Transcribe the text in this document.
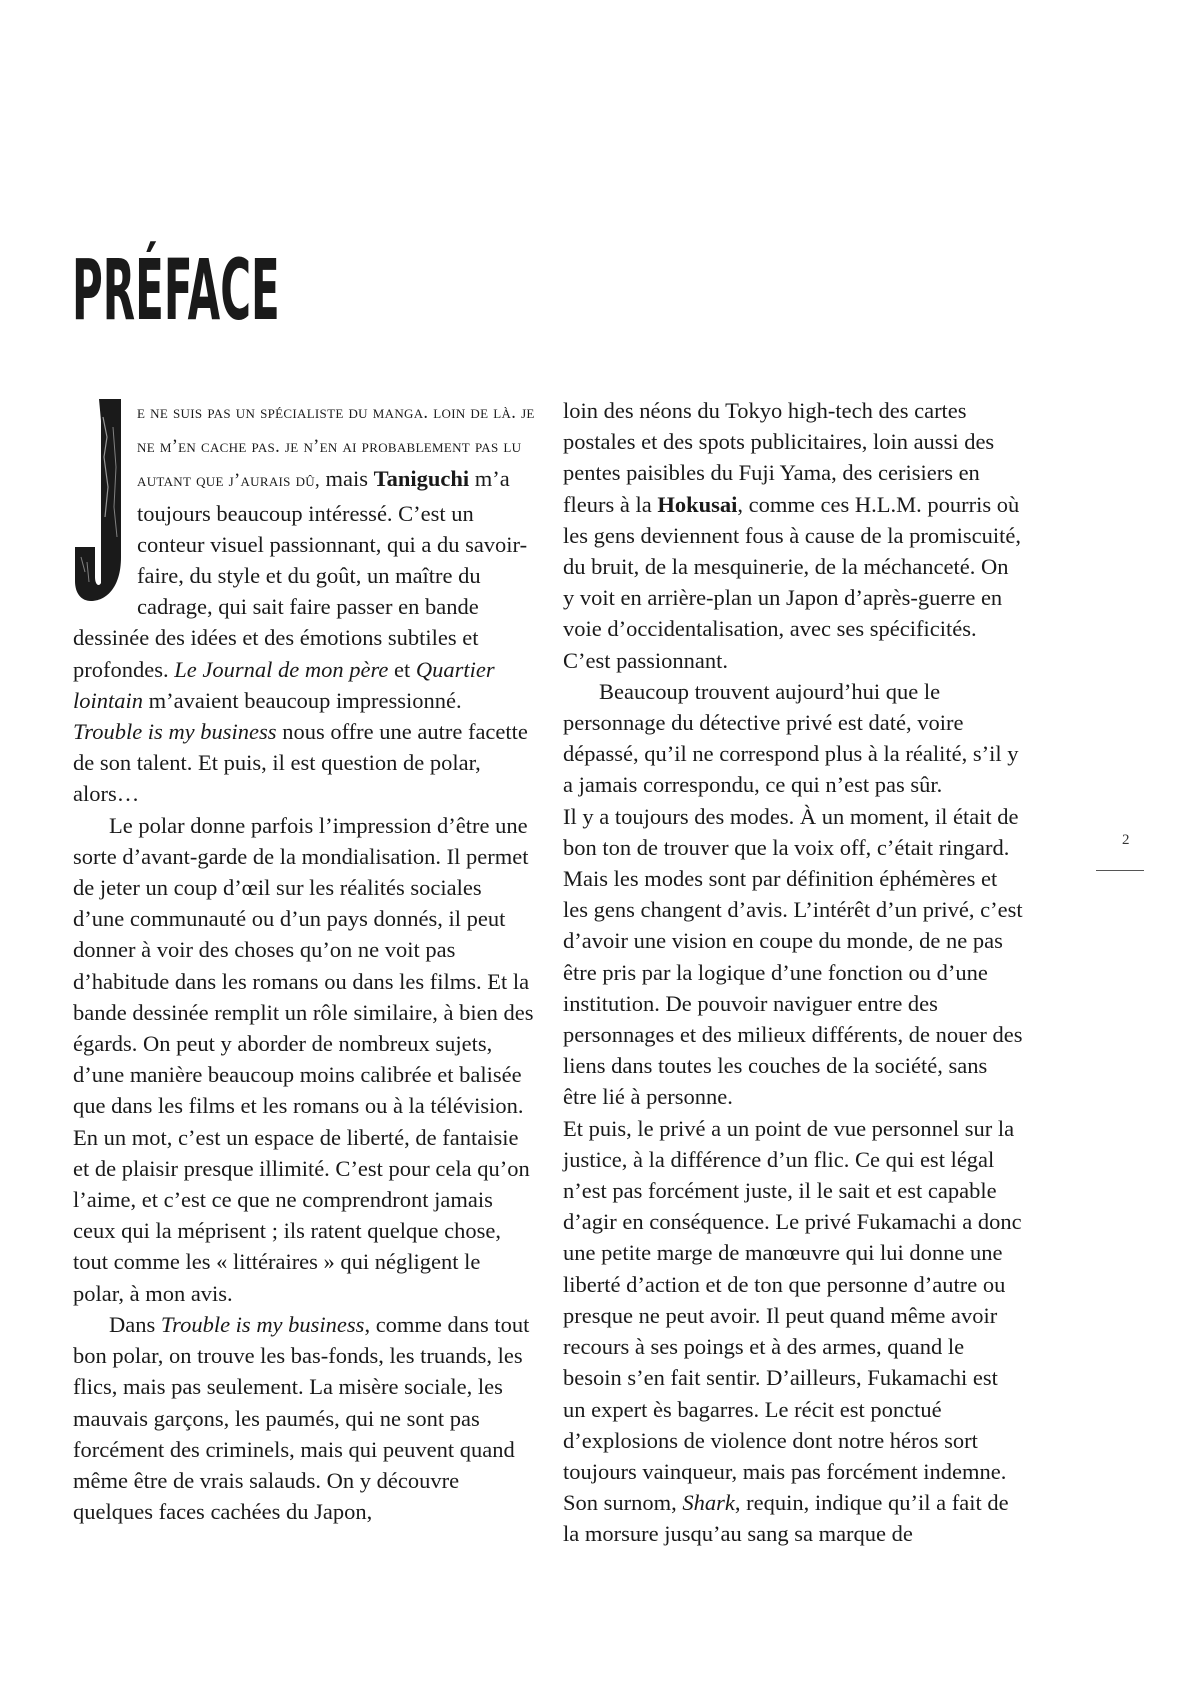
PRÉFACE

e ne suis pas un spécialiste du manga. loin de là. je ne m’en cache pas. je n’en ai probablement pas lu autant que j’aurais dû, mais Taniguchi m’a toujours beaucoup intéressé. C’est un conteur visuel passionnant, qui a du savoir-faire, du style et du goût, un maître du cadrage, qui sait faire passer en bande dessinée des idées et des émotions subtiles et profondes. Le Journal de mon père et Quartier lointain m’avaient beaucoup impressionné. Trouble is my business nous offre une autre facette de son talent. Et puis, il est question de polar, alors…

Le polar donne parfois l’impression d’être une sorte d’avant-garde de la mondialisation. Il permet de jeter un coup d’œil sur les réalités sociales d’une communauté ou d’un pays donnés, il peut donner à voir des choses qu’on ne voit pas d’habitude dans les romans ou dans les films. Et la bande dessinée remplit un rôle similaire, à bien des égards. On peut y aborder de nombreux sujets, d’une manière beaucoup moins calibrée et balisée que dans les films et les romans ou à la télévision. En un mot, c’est un espace de liberté, de fantaisie et de plaisir presque illimité. C’est pour cela qu’on l’aime, et c’est ce que ne comprendront jamais ceux qui la méprisent ; ils ratent quelque chose, tout comme les « littéraires » qui négligent le polar, à mon avis.

Dans Trouble is my business, comme dans tout bon polar, on trouve les bas-fonds, les truands, les flics, mais pas seulement. La misère sociale, les mauvais garçons, les paumés, qui ne sont pas forcément des criminels, mais qui peuvent quand même être de vrais salauds. On y découvre quelques faces cachées du Japon,

loin des néons du Tokyo high-tech des cartes postales et des spots publicitaires, loin aussi des pentes paisibles du Fuji Yama, des cerisiers en fleurs à la Hokusai, comme ces H.L.M. pourris où les gens deviennent fous à cause de la promiscuité, du bruit, de la mesquinerie, de la méchanceté. On y voit en arrière-plan un Japon d’après-guerre en voie d’occidentalisation, avec ses spécificités. C’est passionnant.

Beaucoup trouvent aujourd’hui que le personnage du détective privé est daté, voire dépassé, qu’il ne correspond plus à la réalité, s’il y a jamais correspondu, ce qui n’est pas sûr.

Il y a toujours des modes. À un moment, il était de bon ton de trouver que la voix off, c’était ringard. Mais les modes sont par définition éphémères et les gens changent d’avis. L’intérêt d’un privé, c’est d’avoir une vision en coupe du monde, de ne pas être pris par la logique d’une fonction ou d’une institution. De pouvoir naviguer entre des personnages et des milieux différents, de nouer des liens dans toutes les couches de la société, sans être lié à personne.

Et puis, le privé a un point de vue personnel sur la justice, à la différence d’un flic. Ce qui est légal n’est pas forcément juste, il le sait et est capable d’agir en conséquence. Le privé Fukamachi a donc une petite marge de manœuvre qui lui donne une liberté d’action et de ton que personne d’autre ou presque ne peut avoir. Il peut quand même avoir recours à ses poings et à des armes, quand le besoin s’en fait sentir. D’ailleurs, Fukamachi est un expert ès bagarres. Le récit est ponctué d’explosions de violence dont notre héros sort toujours vainqueur, mais pas forcément indemne.

Son surnom, Shark, requin, indique qu’il a fait de la morsure jusqu’au sang sa marque de

2
